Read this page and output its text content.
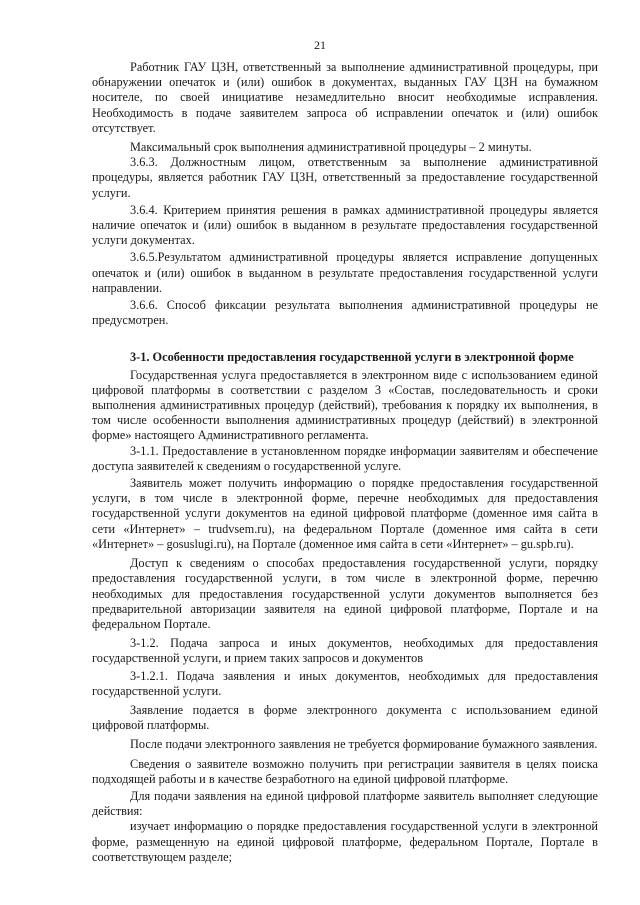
21

Работник ГАУ ЦЗН, ответственный за выполнение административной процедуры, при обнаружении опечаток и (или) ошибок в документах, выданных ГАУ ЦЗН на бумажном носителе, по своей инициативе незамедлительно вносит необходимые исправления. Необходимость в подаче заявителем запроса об исправлении опечаток и (или) ошибок отсутствует.

Максимальный срок выполнения административной процедуры – 2 минуты.

3.6.3. Должностным лицом, ответственным за выполнение административной процедуры, является работник ГАУ ЦЗН, ответственный за предоставление государственной услуги.

3.6.4. Критерием принятия решения в рамках административной процедуры является наличие опечаток и (или) ошибок в выданном в результате предоставления государственной услуги документах.

3.6.5.Результатом административной процедуры является исправление допущенных опечаток и (или) ошибок в выданном в результате предоставления государственной услуги направлении.

3.6.6. Способ фиксации результата выполнения административной процедуры не предусмотрен.

3-1. Особенности предоставления государственной услуги в электронной форме

Государственная услуга предоставляется в электронном виде с использованием единой цифровой платформы в соответствии с разделом 3 «Состав, последовательность и сроки выполнения административных процедур (действий), требования к порядку их выполнения, в том числе особенности выполнения административных процедур (действий) в электронной форме» настоящего Административного регламента.

3-1.1. Предоставление в установленном порядке информации заявителям и обеспечение доступа заявителей к сведениям о государственной услуге.

Заявитель может получить информацию о порядке предоставления государственной услуги, в том числе в электронной форме, перечне необходимых для предоставления государственной услуги документов на единой цифровой платформе (доменное имя сайта в сети «Интернет» – trudvsem.ru), на федеральном Портале (доменное имя сайта в сети «Интернет» – gosuslugi.ru), на Портале (доменное имя сайта в сети «Интернет» – gu.spb.ru).

Доступ к сведениям о способах предоставления государственной услуги, порядку предоставления государственной услуги, в том числе в электронной форме, перечню необходимых для предоставления государственной услуги документов выполняется без предварительной авторизации заявителя на единой цифровой платформе, Портале и на федеральном Портале.

3-1.2. Подача запроса и иных документов, необходимых для предоставления государственной услуги, и прием таких запросов и документов

3-1.2.1. Подача заявления и иных документов, необходимых для предоставления государственной услуги.

Заявление подается в форме электронного документа с использованием единой цифровой платформы.

После подачи электронного заявления не требуется формирование бумажного заявления.

Сведения о заявителе возможно получить при регистрации заявителя в целях поиска подходящей работы и в качестве безработного на единой цифровой платформе.

Для подачи заявления на единой цифровой платформе заявитель выполняет следующие действия:

изучает информацию о порядке предоставления государственной услуги в электронной форме, размещенную на единой цифровой платформе, федеральном Портале, Портале в соответствующем разделе;
